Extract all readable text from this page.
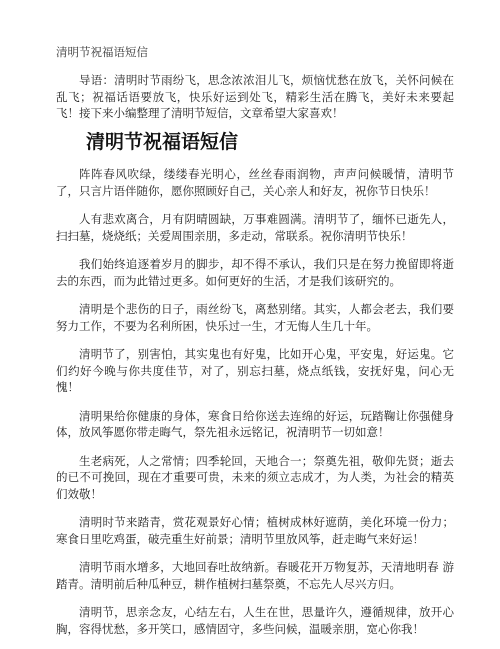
清明节祝福语短信
导语：清明时节雨纷飞，思念浓浓泪儿飞，烦恼忧愁在放飞，关怀问候在 乱飞；祝福话语要放飞，快乐好运到处飞，精彩生活在腾飞，美好未来要起 飞！接下来小编整理了清明节短信，文章希望大家喜欢！
清明节祝福语短信

阵阵春风吹绿，缕缕春光明心，丝丝春雨润物，声声问候暖情，清明节 了，只言片语伴随你，愿你照顾好自己，关心亲人和好友，祝你节日快乐！

人有悲欢离合，月有阴晴圆缺，万事难圆满。清明节了，缅怀已逝先人， 扫扫墓，烧烧纸；关爱周围亲朋，多走动，常联系。祝你清明节快乐！

我们始终追逐着岁月的脚步，却不得不承认，我们只是在努力挽留即将逝 去的东西，而为此错过更多。如何更好的生活，才是我们该研究的。

清明是个悲伤的日子，雨丝纷飞，离愁别绪。其实，人都会老去，我们要 努力工作，不要为名利所困，快乐过一生，才无悔人生几十年。

清明节了，别害怕，其实鬼也有好鬼，比如开心鬼，平安鬼，好运鬼。它 们约好今晚与你共度佳节，对了，别忘扫墓，烧点纸钱，安抚好鬼，问心无 愧！

清明果给你健康的身体，寒食日给你送去连绵的好运，玩踏鞠让你强健身 体，放风筝愿你带走晦气，祭先祖永远铭记，祝清明节一切如意！

生老病死，人之常情；四季轮回，天地合一；祭奠先祖，敬仰先贤；逝去 的已不可挽回，现在才重要可贵，未来的须立志成才，为人类，为社会的精英 们效敬！

清明时节来踏青，赏花观景好心情；植树成林好遮荫，美化环境一份力； 寒食日里吃鸡蛋，破壳重生好前景；清明节里放风筝，赶走晦气来好运！

清明节雨水增多，大地回春吐故纳新。春暖花开万物复苏，天清地明春 游踏青。清明前后种瓜种豆，耕作植树扫墓祭奠，不忘先人尽兴方归。

清明节，思亲念友，心结左右，人生在世，思量许久，遵循规律，放开心 胸，容得忧愁，多开笑口，感情固守，多些问候，温暖亲朋，宽心你我！
